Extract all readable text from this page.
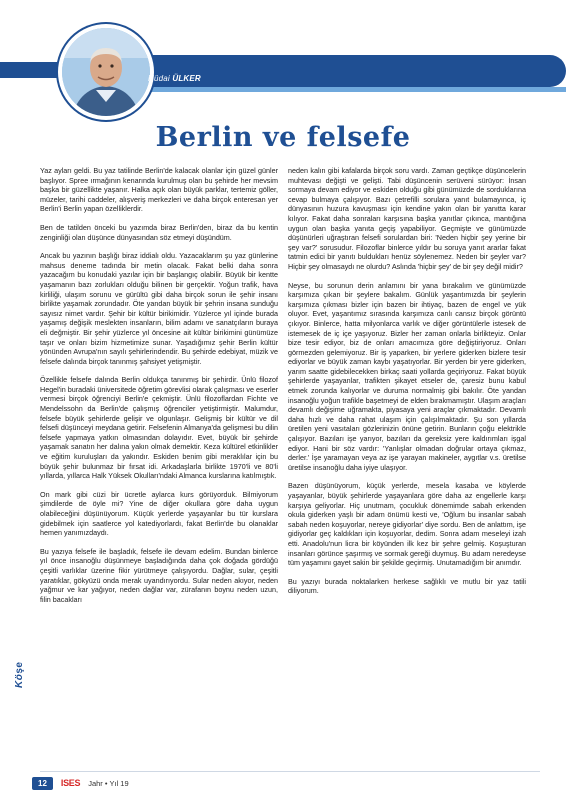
Hüdai ÜLKER
Berlin ve felsefe

Yaz ayları geldi. Bu yaz tatilinde Berlin'de kalacak olanlar için güzel günler başlıyor. Spree ırmağının kenarında kurulmuş olan bu şehirde her mevsim başka bir güzellikte yaşanır. Halka açık olan büyük parklar, tertemiz göller, müzeler, tarihi caddeler, alışveriş merkezleri ve daha birçok enteresan yer Berlin'i Berlin yapan özelliklerdir.

Ben de tatilden önceki bu yazımda biraz Berlin'den, biraz da bu kentin zenginliği olan düşünce dünyasından söz etmeyi düşündüm.

Ancak bu yazının başlığı biraz iddialı oldu. Yazacaklarım şu yaz günlerine mahsus deneme tadında bir metin olacak. Fakat belki daha sonra yazacağım bu konudaki yazılar için bir başlangıç olabilir. Büyük bir kentte yaşamanın bazı zorlukları olduğu bilinen bir gerçektir. Yoğun trafik, hava kirliliği, ulaşım sorunu ve gürültü gibi daha birçok sorun ile şehir insanı birlikte yaşamak zorundadır. Öte yandan büyük bir şehrin insana sunduğu sayısız nimet vardır. Şehir bir kültür birikimidir. Yüzlerce yıl içinde burada yaşamış değişik meslekten insanların, bilim adamı ve sanatçıların buraya eli değmiştir. Bir şehir yüzlerce yıl öncesine ait kültür birikimini günümüze taşır ve onları bizim hizmetimize sunar. Yaşadığımız şehir Berlin kültür yönünden Avrupa'nın sayılı şehirlerindendir. Bu şehirde edebiyat, müzik ve felsefe dalında birçok tanınmış şahsiyet yetişmiştir.

Özellikle felsefe dalında Berlin oldukça tanınmış bir şehirdir. Ünlü filozof Hegel'in buradaki üniversitede öğretim görevlisi olarak çalışması ve eserler vermesi birçok öğrenciyi Berlin'e çekmiştir. Ünlü filozoflardan Fichte ve Mendelssohn da Berlin'de çalışmış öğrenciler yetiştirmiştir. Malumdur, felsefe büyük şehirlerde gelişir ve olgunlaşır. Gelişmiş bir kültür ve dil felsefi düşünceyi meydana getirir. Felsefenin Almanya'da gelişmesi bu dilin felsefe yapmaya yatkın olmasından dolayıdır. Evet, büyük bir şehirde yaşamak sanatın her dalına yakın olmak demektir. Keza kültürel etkinlikler ve eğitim kuruluşları da yakındır. Eskiden benim gibi meraklılar için bu büyük şehir bulunmaz bir fırsat idi. Arkadaşlarla birlikte 1970'li ve 80'li yıllarda, yıllarca Halk Yüksek Okulları'ndaki Almanca kurslarına katılmıştık.

On mark gibi cüzi bir ücretle aylarca kurs görüyorduk. Bilmiyorum şimdilerde de öyle mi? Yine de diğer okullara göre daha uygun olabileceğini düşünüyorum. Küçük yerlerde yaşayanlar bu tür kurslara gidebilmek için saatlerce yol katediyorlardı, fakat Berlin'de bu olanaklar hemen yanımızdaydı.

Bu yazıya felsefe ile başladık, felsefe ile devam edelim. Bundan binlerce yıl önce insanoğlu düşünmeye başladığında daha çok doğada gördüğü çeşitli varlıklar üzerine fikir yürütmeye çalışıyordu. Dağlar, sular, çeşitli yaratıklar, gökyüzü onda merak uyandırıyordu. Sular neden akıyor, neden yağmur ve kar yağıyor, neden dağlar var, zürafanın boynu neden uzun, filin bacakları

neden kalın gibi kafalarda birçok soru vardı. Zaman geçtikçe düşüncelerin muhtevası değişti ve gelişti. Tabi düşüncenin serüveni sürüyor: İnsan sormaya devam ediyor ve eskiden olduğu gibi günümüzde de sorduklarına cevap bulmaya çalışıyor. Bazı çetrefilli sorulara yanıt bulamayınca, iç dünyasının huzura kavuşması için kendine yakın olan bir yanıtta karar kılıyor. Fakat daha sonraları karşısına başka yanıtlar çıkınca, mantığına uygun olan başka yanıta geçiş yapabiliyor. Geçmişte ve günümüzde düşünürleri uğraştıran felsefi sorulardan biri: 'Neden hiçbir şey yerine bir şey var?' sorusudur. Filozoflar binlerce yıldır bu soruya yanıt ararlar fakat tatmin edici bir yanıtı buldukları henüz söylenemez. Neden bir şeyler var? Hiçbir şey olmasaydı ne olurdu? Aslında 'hiçbir şey' de bir şey değil midir?

Neyse, bu sorunun derin anlamını bir yana bırakalım ve günümüzde karşımıza çıkan bir şeylere bakalım. Günlük yaşantımızda bir şeylerin karşımıza çıkması bizler için bazen bir ihtiyaç, bazen de engel ve yük oluyor. Evet, yaşantımız sırasında karşımıza canlı cansız birçok görüntü çıkıyor. Binlerce, hatta milyonlarca varlık ve diğer görüntülerle istesek de istemesek de iç içe yaşıyoruz. Bizler her zaman onlarla birlikteyiz. Onlar bize tesir ediyor, biz de onları amacımıza göre değiştiriyoruz. Onları görmezden gelemiyoruz. Bir iş yaparken, bir yerlere giderken bizlere tesir ediyorlar ve büyük zaman kaybı yaşatıyorlar. Bir yerden bir yere giderken, yarım saatte gidebilecekken birkaç saati yollarda geçiriyoruz. Fakat büyük şehirlerde yaşayanlar, trafikten şikayet etseler de, çaresiz bunu kabul etmek zorunda kalıyorlar ve duruma normalmiş gibi bakılır. Öte yandan insanoğlu yoğun trafikle başetmeyi de elden bırakmamıştır. Ulaşım araçları devamlı değişime uğramakta, piyasaya yeni araçlar çıkmaktadır. Devamlı daha hızlı ve daha rahat ulaşım için çalışılmaktadır. Şu son yıllarda üretilen yeni vasıtaları gözlerinizin önüne getirin. Bunların çoğu elektrikle çalışıyor. Bazıları işe yarıyor, bazıları da gereksiz yere kaldırımları işgal ediyor. Hani bir söz vardır: 'Yanlışlar olmadan doğrular ortaya çıkmaz, derler.' İşe yaramayan veya az işe yarayan makineler, aygıtlar v.s. üretilse üretilse insanoğlu daha iyiye ulaşıyor.

Bazen düşünüyorum, küçük yerlerde, mesela kasaba ve köylerde yaşayanlar, büyük şehirlerde yaşayanlara göre daha az engellerle karşı karşıya geliyorlar. Hiç unutmam, çocukluk dönemimde sabah erkenden okula giderken yaşlı bir adam önümü kesti ve, 'Oğlum bu insanlar sabah sabah neden koşuyorlar, nereye gidiyorlar' diye sordu. Ben de anlattım, işe gidiyorlar geç kaldıkları için koşuyorlar, dedim. Sonra adam meseleyi izah etti. Anadolu'nun licra bir köyünden ilk kez bir şehre gelmiş. Koşuşturan insanları görünce şaşırmış ve sormak gereği duymuş. Bu adam neredeyse tüm yaşamını gayet sakin bir şekilde geçirmiş. Unutamadığım bir anımdır.

Bu yazıyı burada noktalarken herkese sağlıklı ve mutlu bir yaz tatili diliyorum.

Köşe
12	ISES Jahr • Yıl 19
